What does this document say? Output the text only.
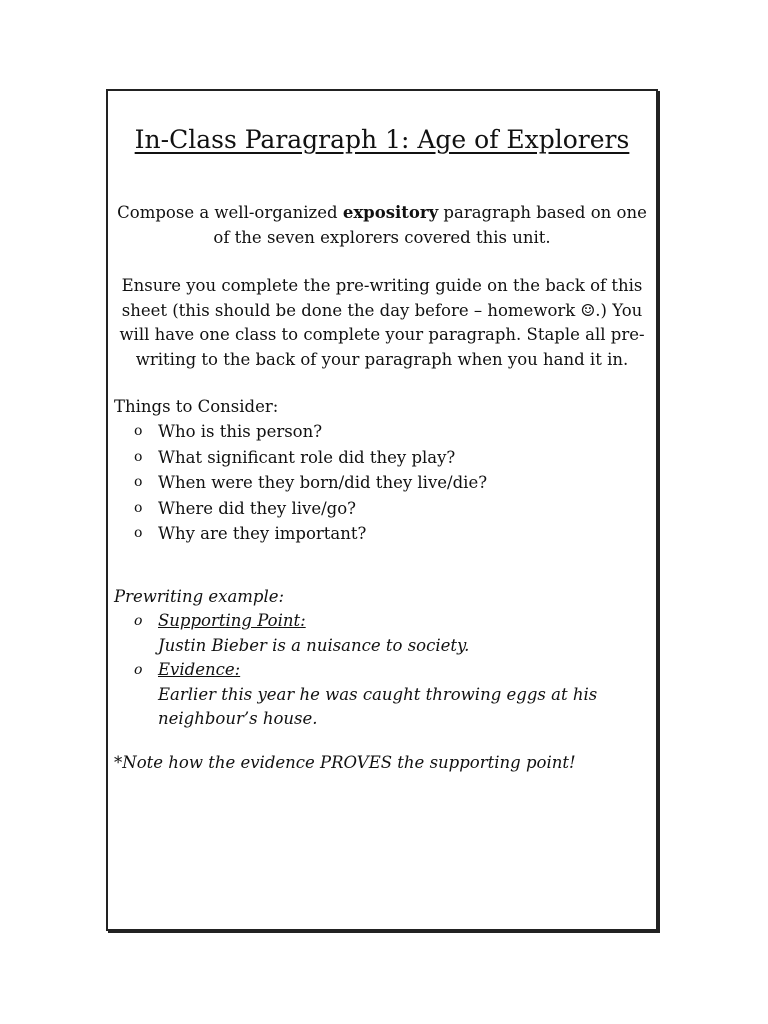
In-Class Paragraph 1: Age of Explorers

Compose a well-organized expository paragraph based on one of the seven explorers covered this unit.

Ensure you complete the pre-writing guide on the back of this sheet (this should be done the day before – homework ☺.) You will have one class to complete your paragraph. Staple all pre-writing to the back of your paragraph when you hand it in.

Things to Consider:

o Who is this person?
o What significant role did they play?
o When were they born/did they live/die?
o Where did they live/go?
o Why are they important?

Prewriting example:

o Supporting Point:
Justin Bieber is a nuisance to society.
o Evidence:
Earlier this year he was caught throwing eggs at his neighbour’s house.

*Note how the evidence PROVES the supporting point!
